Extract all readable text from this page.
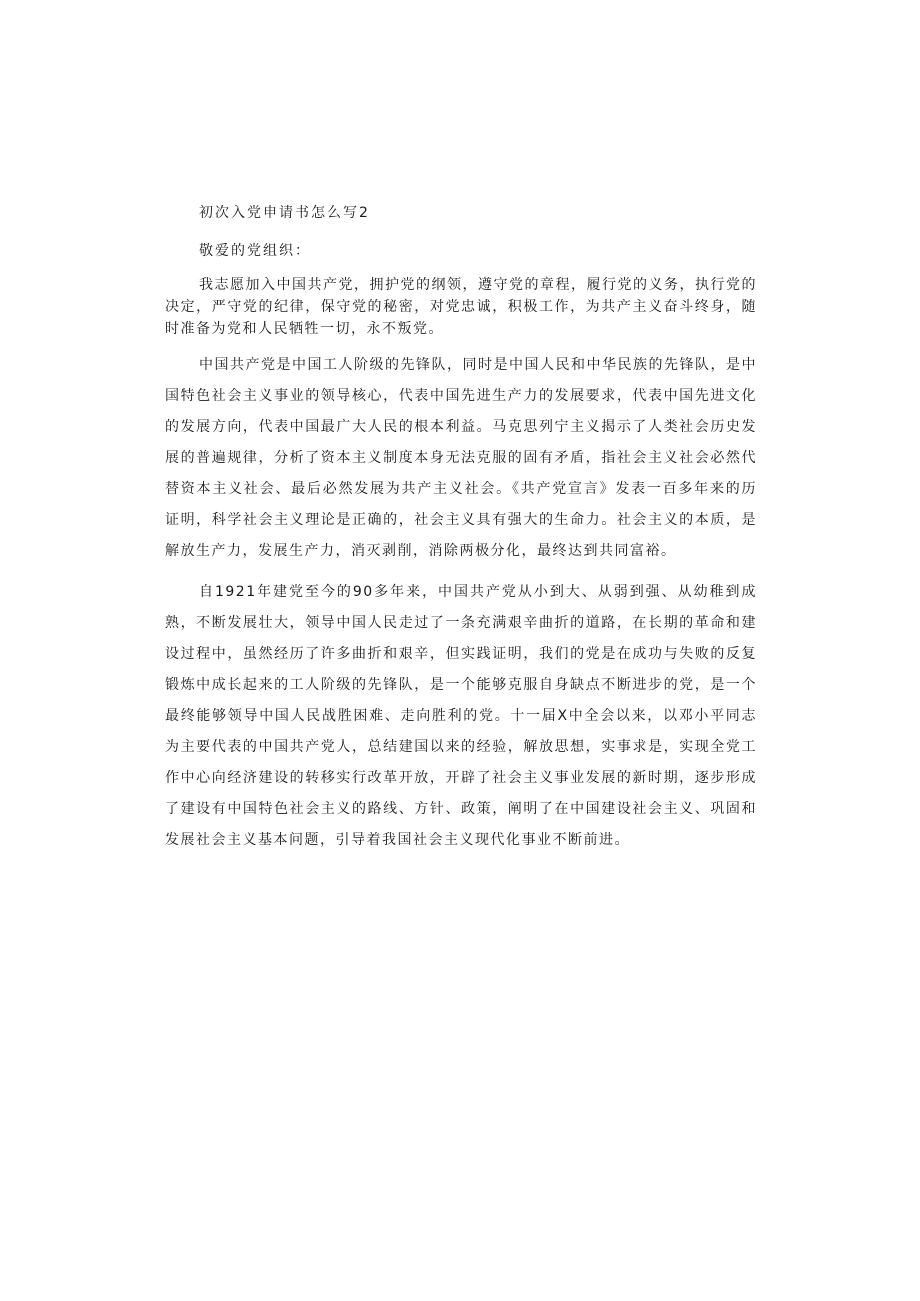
初次入党申请书怎么写2

敬爱的党组织：

我志愿加入中国共产党，拥护党的纲领，遵守党的章程，履行党的义务，执行党的决定，严守党的纪律，保守党的秘密，对党忠诚，积极工作，为共产主义奋斗终身，随时准备为党和人民牺牲一切，永不叛党。

中国共产党是中国工人阶级的先锋队，同时是中国人民和中华民族的先锋队，是中国特色社会主义事业的领导核心，代表中国先进生产力的发展要求，代表中国先进文化的发展方向，代表中国最广大人民的根本利益。马克思列宁主义揭示了人类社会历史发展的普遍规律，分析了资本主义制度本身无法克服的固有矛盾，指社会主义社会必然代替资本主义社会、最后必然发展为共产主义社会。《共产党宣言》发表一百多年来的历证明，科学社会主义理论是正确的，社会主义具有强大的生命力。社会主义的本质，是解放生产力，发展生产力，消灭剥削，消除两极分化，最终达到共同富裕。

自1921年建党至今的90多年来，中国共产党从小到大、从弱到强、从幼稚到成熟，不断发展壮大，领导中国人民走过了一条充满艰辛曲折的道路，在长期的革命和建设过程中，虽然经历了许多曲折和艰辛，但实践证明，我们的党是在成功与失败的反复锻炼中成长起来的工人阶级的先锋队，是一个能够克服自身缺点不断进步的党，是一个最终能够领导中国人民战胜困难、走向胜利的党。十一届X中全会以来，以邓小平同志为主要代表的中国共产党人，总结建国以来的经验，解放思想，实事求是，实现全党工作中心向经济建设的转移实行改革开放，开辟了社会主义事业发展的新时期，逐步形成了建设有中国特色社会主义的路线、方针、政策，阐明了在中国建设社会主义、巩固和发展社会主义基本问题，引导着我国社会主义现代化事业不断前进。
